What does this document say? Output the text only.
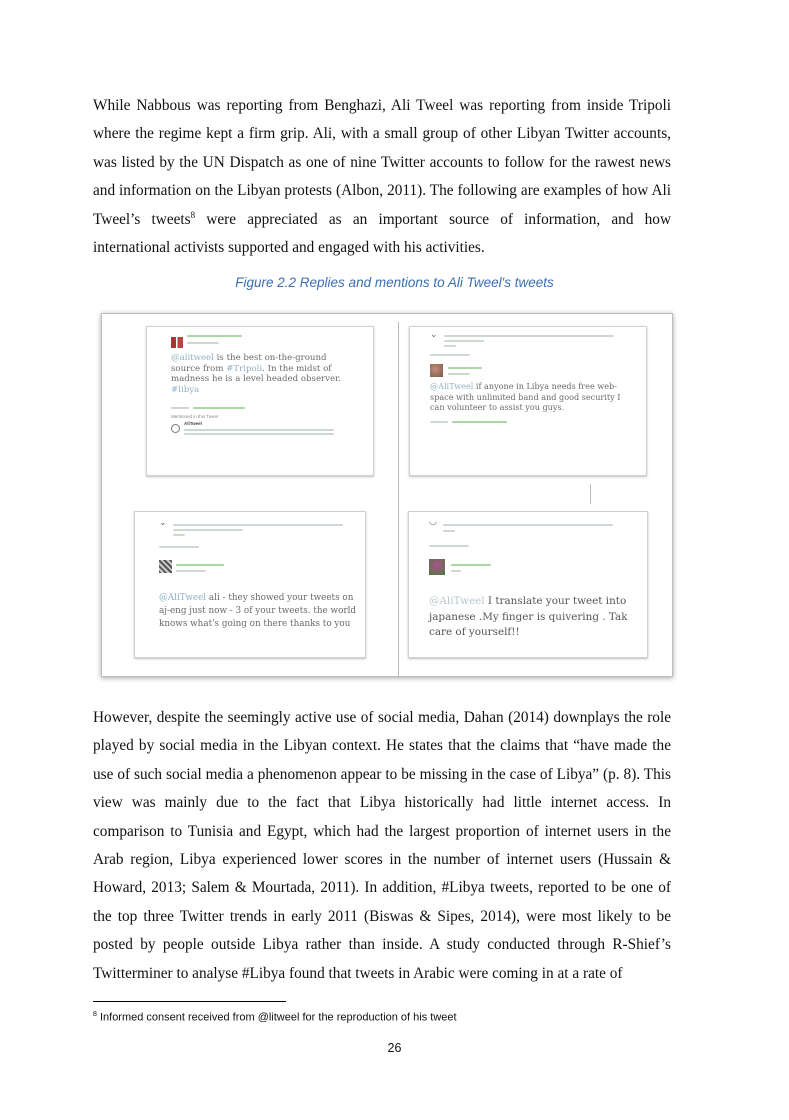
While Nabbous was reporting from Benghazi, Ali Tweel was reporting from inside Tripoli where the regime kept a firm grip. Ali, with a small group of other Libyan Twitter accounts, was listed by the UN Dispatch as one of nine Twitter accounts to follow for the rawest news and information on the Libyan protests (Albon, 2011). The following are examples of how Ali Tweel’s tweets$^8$ were appreciated as an important source of information, and how international activists supported and engaged with his activities.

Figure 2.2 Replies and mentions to Ali Tweel's tweets

@alitweel is the best on-the-ground source from #Tripoli. In the midst of madness he is a level headed observer. #libya

Mentioned in this Tweet
AliTweel
⌄

@AliTweel if anyone in Libya needs free web-space with unlimited band and good security I can volunteer to assist you guys.

⌄

@AliTweel ali - they showed your tweets on aj-eng just now - 3 of your tweets. the world knows what's going on there thanks to you

◡

@AliTweel I translate your tweet into japanese .My finger is quivering . Tak care of yourself!!

However, despite the seemingly active use of social media, Dahan (2014) downplays the role played by social media in the Libyan context. He states that the claims that “have made the use of such social media a phenomenon appear to be missing in the case of Libya” (p. 8). This view was mainly due to the fact that Libya historically had little internet access. In comparison to Tunisia and Egypt, which had the largest proportion of internet users in the Arab region, Libya experienced lower scores in the number of internet users (Hussain & Howard, 2013; Salem & Mourtada, 2011). In addition, #Libya tweets, reported to be one of the top three Twitter trends in early 2011 (Biswas & Sipes, 2014), were most likely to be posted by people outside Libya rather than inside. A study conducted through R-Shief’s Twitterminer to analyse #Libya found that tweets in Arabic were coming in at a rate of

$^8$ Informed consent received from @litweel for the reproduction of his tweet
26
